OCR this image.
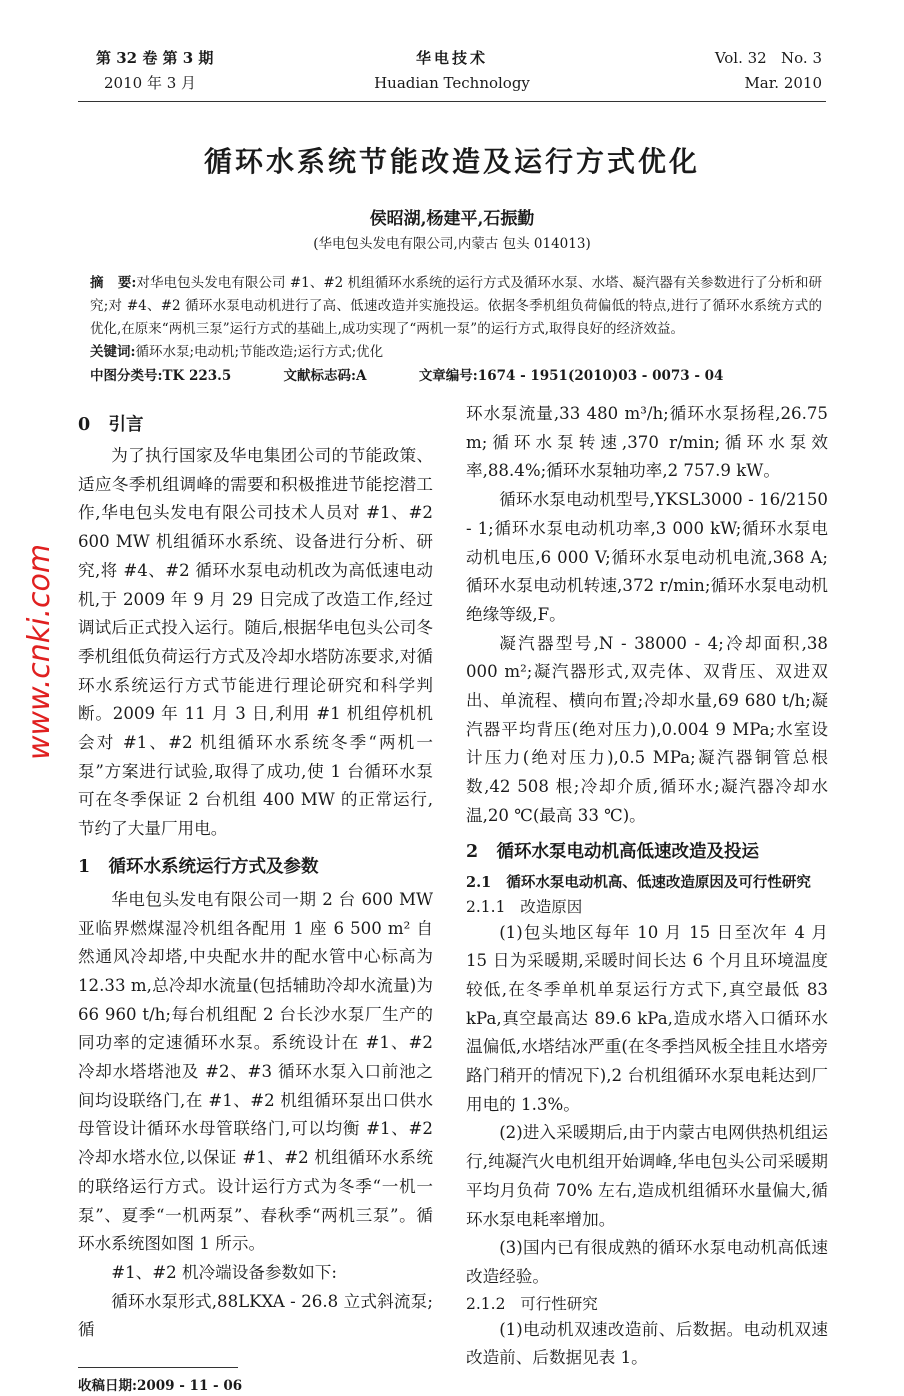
第 32 卷 第 3 期
2010 年 3 月
华电技术
Huadian Technology
Vol. 32   No. 3
Mar. 2010
循环水系统节能改造及运行方式优化
侯昭湖,杨建平,石振勤
(华电包头发电有限公司,内蒙古 包头 014013)
摘   要:对华电包头发电有限公司 #1、#2 机组循环水系统的运行方式及循环水泵、水塔、凝汽器有关参数进行了分析和研究;对 #4、#2 循环水泵电动机进行了高、低速改造并实施投运。依据冬季机组负荷偏低的特点,进行了循环水系统方式的优化,在原来“两机三泵”运行方式的基础上,成功实现了“两机一泵”的运行方式,取得良好的经济效益。
关键词:循环水泵;电动机;节能改造;运行方式;优化
中图分类号:TK 223.5	文献标志码:A	文章编号:1674 - 1951(2010)03 - 0073 - 04
0   引言

为了执行国家及华电集团公司的节能政策、适应冬季机组调峰的需要和积极推进节能挖潜工作,华电包头发电有限公司技术人员对 #1、#2 600 MW 机组循环水系统、设备进行分析、研究,将 #4、#2 循环水泵电动机改为高低速电动机,于 2009 年 9 月 29 日完成了改造工作,经过调试后正式投入运行。随后,根据华电包头公司冬季机组低负荷运行方式及冷却水塔防冻要求,对循环水系统运行方式节能进行理论研究和科学判断。2009 年 11 月 3 日,利用 #1 机组停机机会对 #1、#2 机组循环水系统冬季“两机一泵”方案进行试验,取得了成功,使 1 台循环水泵可在冬季保证 2 台机组 400 MW 的正常运行,节约了大量厂用电。

1   循环水系统运行方式及参数

华电包头发电有限公司一期 2 台 600 MW 亚临界燃煤湿冷机组各配用 1 座 6 500 m² 自然通风冷却塔,中央配水井的配水管中心标高为 12.33 m,总冷却水流量(包括辅助冷却水流量)为 66 960 t/h;每台机组配 2 台长沙水泵厂生产的同功率的定速循环水泵。系统设计在 #1、#2 冷却水塔塔池及 #2、#3 循环水泵入口前池之间均设联络门,在 #1、#2 机组循环泵出口供水母管设计循环水母管联络门,可以均衡 #1、#2 冷却水塔水位,以保证 #1、#2 机组循环水系统的联络运行方式。设计运行方式为冬季“一机一泵”、夏季“一机两泵”、春秋季“两机三泵”。循环水系统图如图 1 所示。

#1、#2 机冷端设备参数如下:

循环水泵形式,88LKXA - 26.8 立式斜流泵;循

收稿日期:2009 - 11 - 06

环水泵流量,33 480 m³/h;循环水泵扬程,26.75 m;循环水泵转速,370 r/min;循环水泵效率,88.4%;循环水泵轴功率,2 757.9 kW。

循环水泵电动机型号,YKSL3000 - 16/2150 - 1;循环水泵电动机功率,3 000 kW;循环水泵电动机电压,6 000 V;循环水泵电动机电流,368 A;循环水泵电动机转速,372 r/min;循环水泵电动机绝缘等级,F。

凝汽器型号,N - 38000 - 4;冷却面积,38 000 m²;凝汽器形式,双壳体、双背压、双进双出、单流程、横向布置;冷却水量,69 680 t/h;凝汽器平均背压(绝对压力),0.004 9 MPa;水室设计压力(绝对压力),0.5 MPa;凝汽器铜管总根数,42 508 根;冷却介质,循环水;凝汽器冷却水温,20 ℃(最高 33 ℃)。

2   循环水泵电动机高低速改造及投运
2.1   循环水泵电动机高、低速改造原因及可行性研究
2.1.1   改造原因

(1)包头地区每年 10 月 15 日至次年 4 月 15 日为采暖期,采暖时间长达 6 个月且环境温度较低,在冬季单机单泵运行方式下,真空最低 83 kPa,真空最高达 89.6 kPa,造成水塔入口循环水温偏低,水塔结冰严重(在冬季挡风板全挂且水塔旁路门稍开的情况下),2 台机组循环水泵电耗达到厂用电的 1.3%。

(2)进入采暖期后,由于内蒙古电网供热机组运行,纯凝汽火电机组开始调峰,华电包头公司采暖期平均月负荷 70% 左右,造成机组循环水量偏大,循环水泵电耗率增加。

(3)国内已有很成熟的循环水泵电动机高低速改造经验。

2.1.2   可行性研究

(1)电动机双速改造前、后数据。电动机双速改造前、后数据见表 1。

www.cnki.com
